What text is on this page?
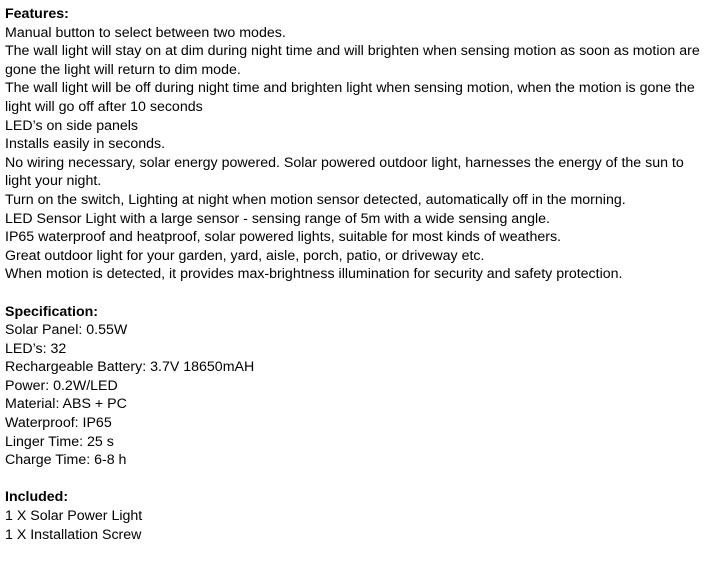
Features:
Manual button to select between two modes.
The wall light will stay on at dim during night time and will brighten when sensing motion as soon as motion are gone the light will return to dim mode.
The wall light will be off during night time and brighten light when sensing motion, when the motion is gone the light will go off after 10 seconds
LED’s on side panels
Installs easily in seconds.
No wiring necessary, solar energy powered. Solar powered outdoor light, harnesses the energy of the sun to light your night.
Turn on the switch, Lighting at night when motion sensor detected, automatically off in the morning.
LED Sensor Light with a large sensor - sensing range of 5m with a wide sensing angle.
IP65 waterproof and heatproof, solar powered lights, suitable for most kinds of weathers.
Great outdoor light for your garden, yard, aisle, porch, patio, or driveway etc.
When motion is detected, it provides max-brightness illumination for security and safety protection.
Specification:
Solar Panel: 0.55W
LED’s: 32
Rechargeable Battery: 3.7V 18650mAH
Power: 0.2W/LED
Material: ABS + PC
Waterproof: IP65
Linger Time: 25 s
Charge Time: 6-8 h
Included:
1 X Solar Power Light
1 X Installation Screw
